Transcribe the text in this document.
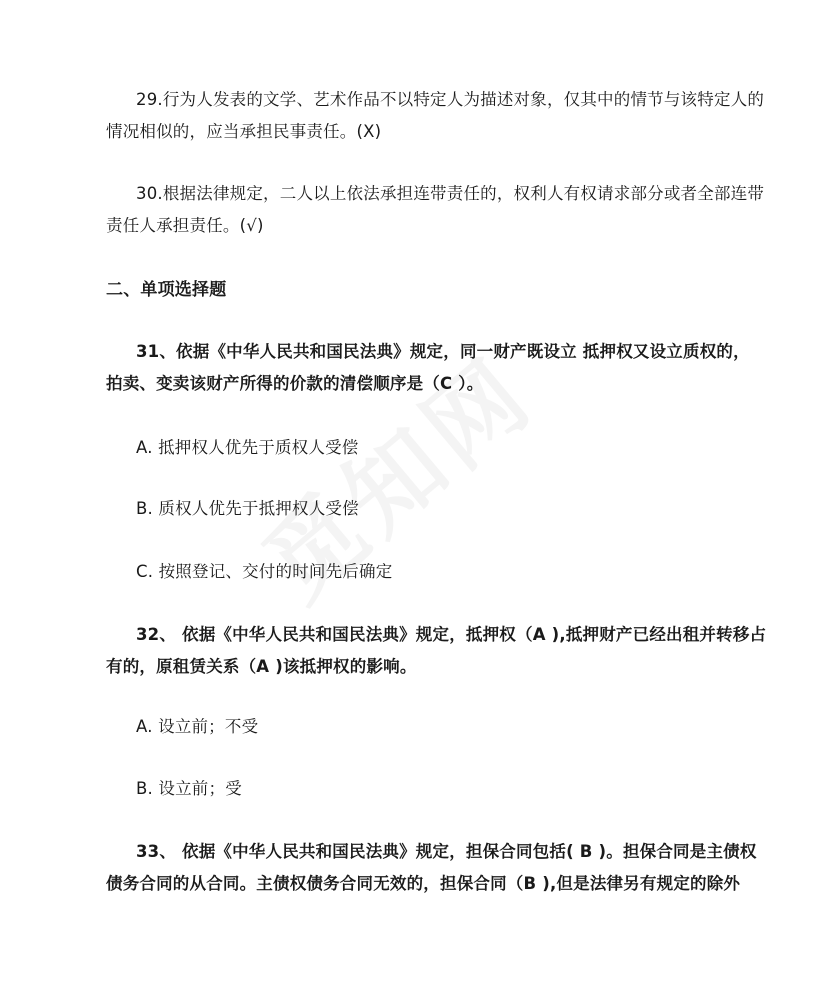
29.行为人发表的文学、艺术作品不以特定人为描述对象，仅其中的情节与该特定人的
情况相似的，应当承担民事责任。(X)
30.根据法律规定，二人以上依法承担连带责任的，权利人有权请求部分或者全部连带
责任人承担责任。(√)
二、单项选择题
31、依据《中华人民共和国民法典》规定，同一财产既设立 抵押权又设立质权的，
拍卖、变卖该财产所得的价款的清偿顺序是（C ）。
A. 抵押权人优先于质权人受偿
B. 质权人优先于抵押权人受偿
C. 按照登记、交付的时间先后确定
32、 依据《中华人民共和国民法典》规定，抵押权（A ),抵押财产已经出租并转移占
有的，原租赁关系（A )该抵押权的影响。
A. 设立前；不受
B. 设立前；受
33、 依据《中华人民共和国民法典》规定，担保合同包括( B )。担保合同是主债权
债务合同的从合同。主债权债务合同无效的，担保合同（B ),但是法律另有规定的除外
